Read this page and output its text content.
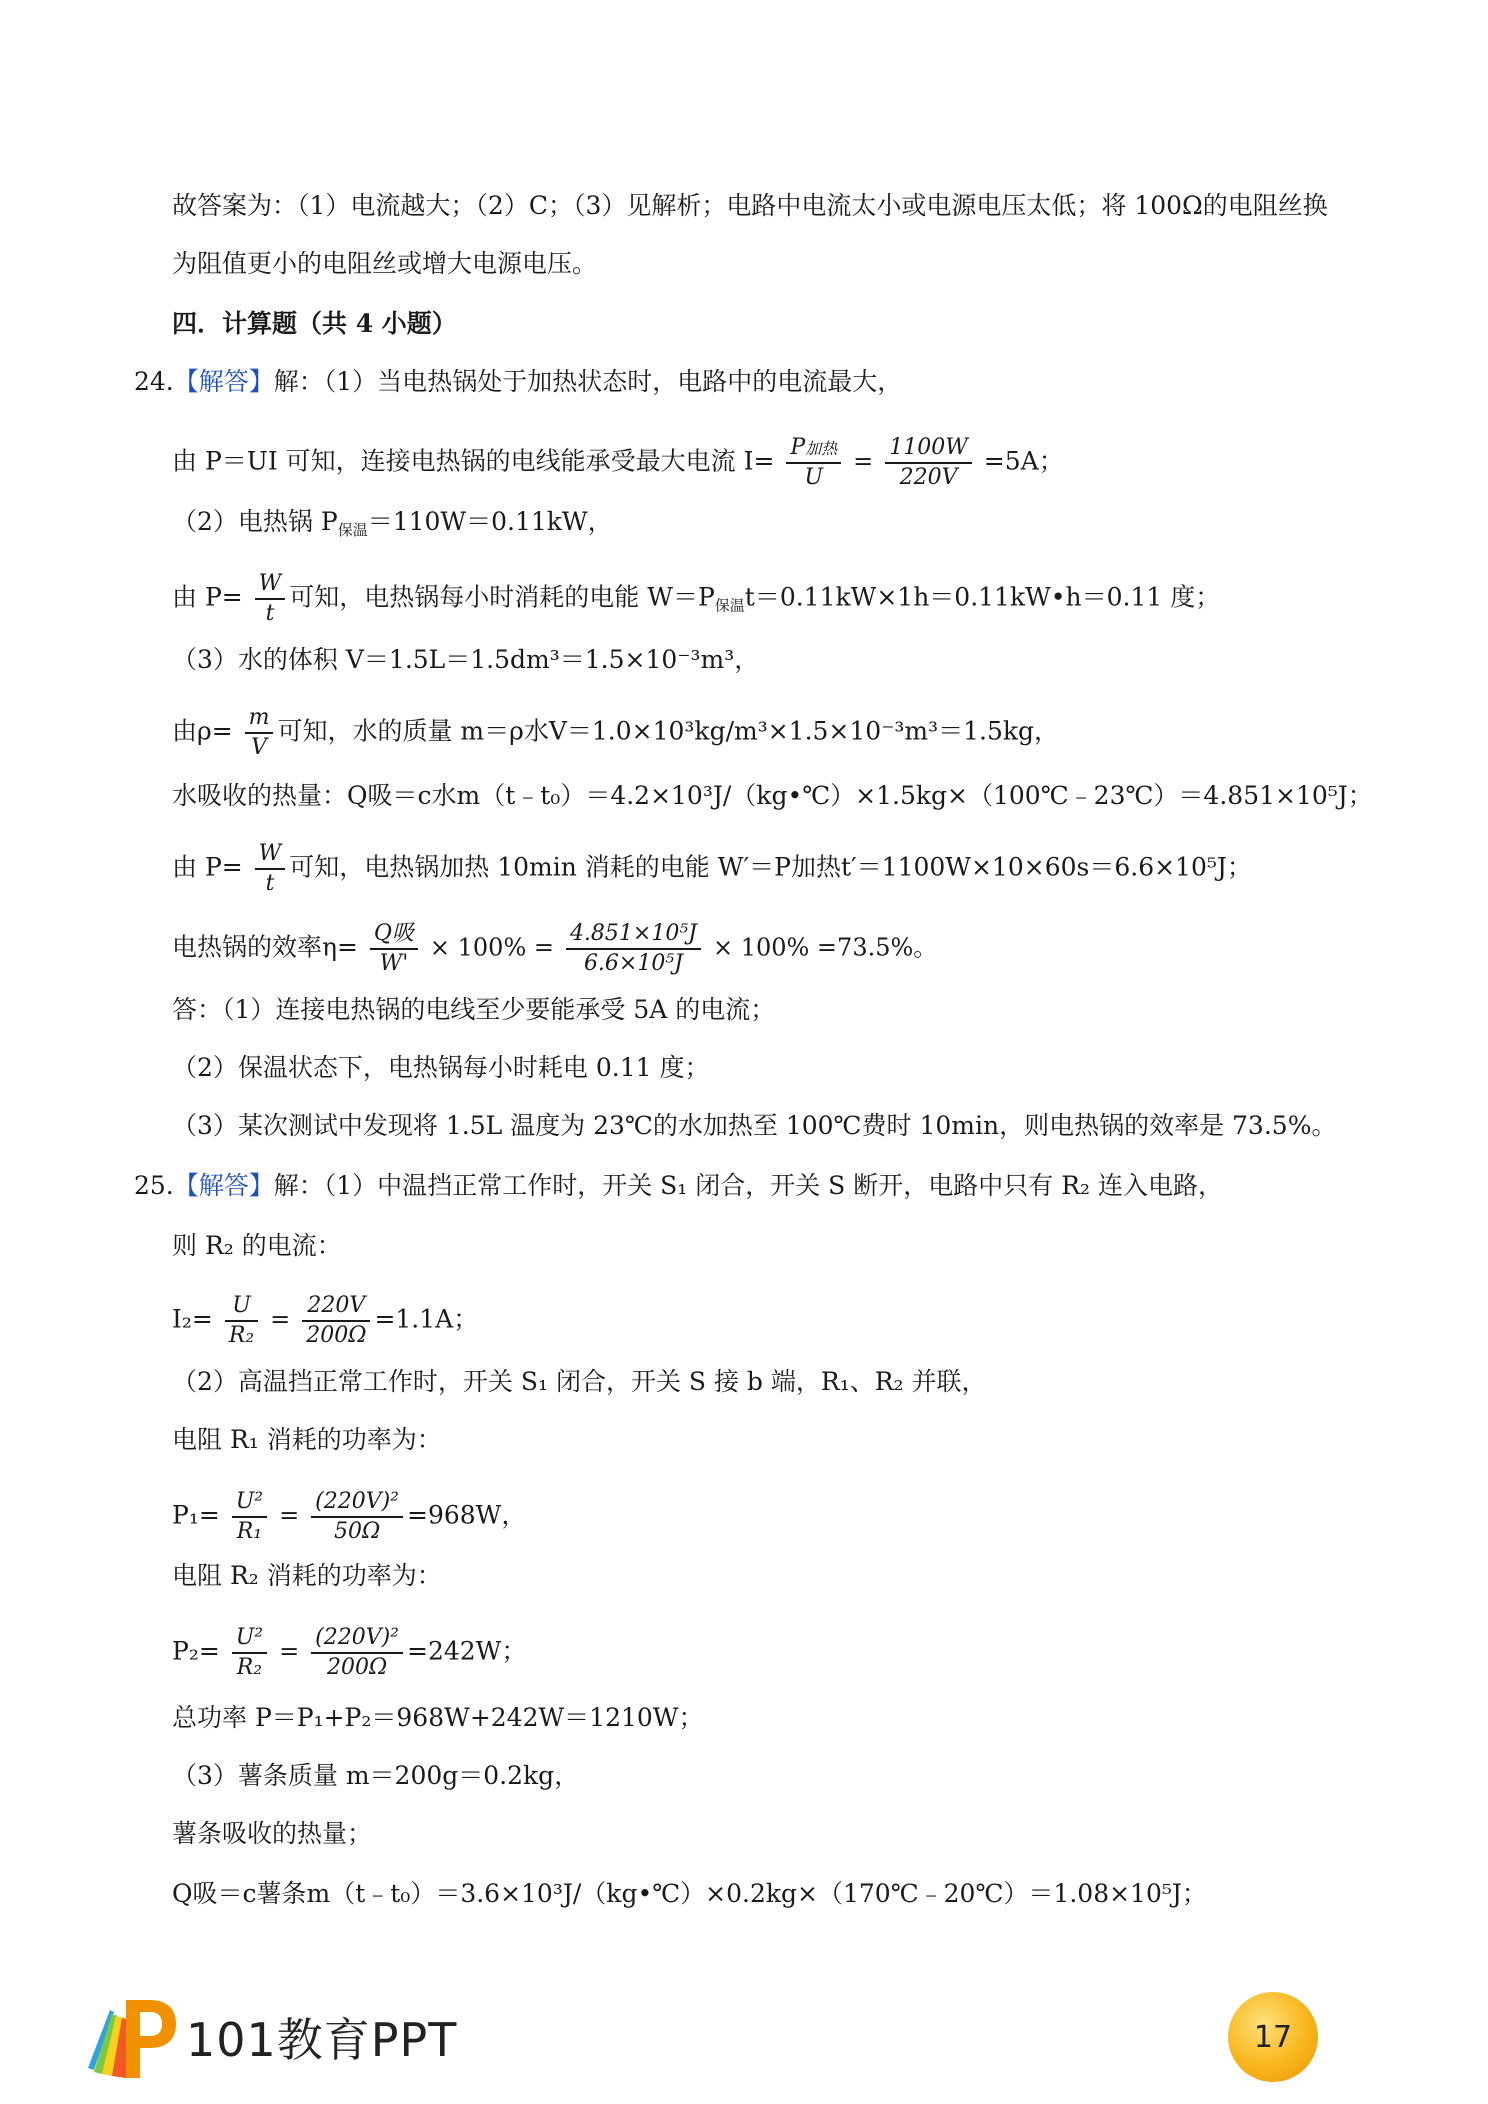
故答案为：（1）电流越大；（2）C；（3）见解析；电路中电流太小或电源电压太低；将 100Ω的电阻丝换
为阻值更小的电阻丝或增大电源电压。
四．计算题（共 4 小题）
24.【解答】解：（1）当电热锅处于加热状态时，电路中的电流最大，
由 P＝UI 可知，连接电热锅的电线能承受最大电流 $I= \frac{\text{P加热}}{U} = \frac{1100W}{220V} =5A$；
（2）电热锅 $P_{保温}=110W=0.11kW$，
由 $P= \frac{W}{t}$ 可知，电热锅每小时消耗的电能 $W=P_{保温}t=0.11kW\times 1h=0.11kW•h=0.11$ 度；
（3）水的体积 V＝1.5L＝1.5dm³＝1.5×10⁻³m³，
由$\rho= \frac{m}{V}$ 可知，水的质量 m＝ρ水V＝1.0×10³kg/m³×1.5×10⁻³m³＝1.5kg，
水吸收的热量：Q吸＝c水m（t﹣t₀）＝4.2×10³J/（kg•℃）×1.5kg×（100℃﹣23℃）＝4.851×10⁵J；
由 $P= \frac{W}{t}$ 可知，电热锅加热 10min 消耗的电能 W′＝P加热t′＝1100W×10×60s＝6.6×10⁵J；
电热锅的效率$\eta= \frac{\text{Q吸}}{W'} \times 100\% = \frac{\text{4.851×10⁵J}}{\text{6.6×10⁵J}} \times 100\% =73.5\%$。
答：（1）连接电热锅的电线至少要能承受 5A 的电流；
（2）保温状态下，电热锅每小时耗电 0.11 度；
（3）某次测试中发现将 1.5L 温度为 23℃的水加热至 100℃费时 10min，则电热锅的效率是 73.5%。
25.【解答】解：（1）中温挡正常工作时，开关 S₁ 闭合，开关 S 断开，电路中只有 R₂ 连入电路，
则 R₂ 的电流：
$I_2= \frac{U}{\text{R₂}} = \frac{220V}{200\Omega} =1.1A$；
（2）高温挡正常工作时，开关 S₁ 闭合，开关 S 接 b 端，R₁、R₂ 并联，
电阻 R₁ 消耗的功率为：
$P_1= \frac{\text{U²}}{\text{R₁}} = \frac{\text{(220V)²}}{50\Omega} =968W$，
电阻 R₂ 消耗的功率为：
$P_2= \frac{\text{U²}}{\text{R₂}} = \frac{\text{(220V)²}}{200\Omega} =242W$；
总功率 P＝P₁+P₂＝968W+242W＝1210W；
（3）薯条质量 m＝200g＝0.2kg，
薯条吸收的热量；
Q吸＝c薯条m（t﹣t₀）＝3.6×10³J/（kg•℃）×0.2kg×（170℃﹣20℃）＝1.08×10⁵J；
101教育PPT	17
